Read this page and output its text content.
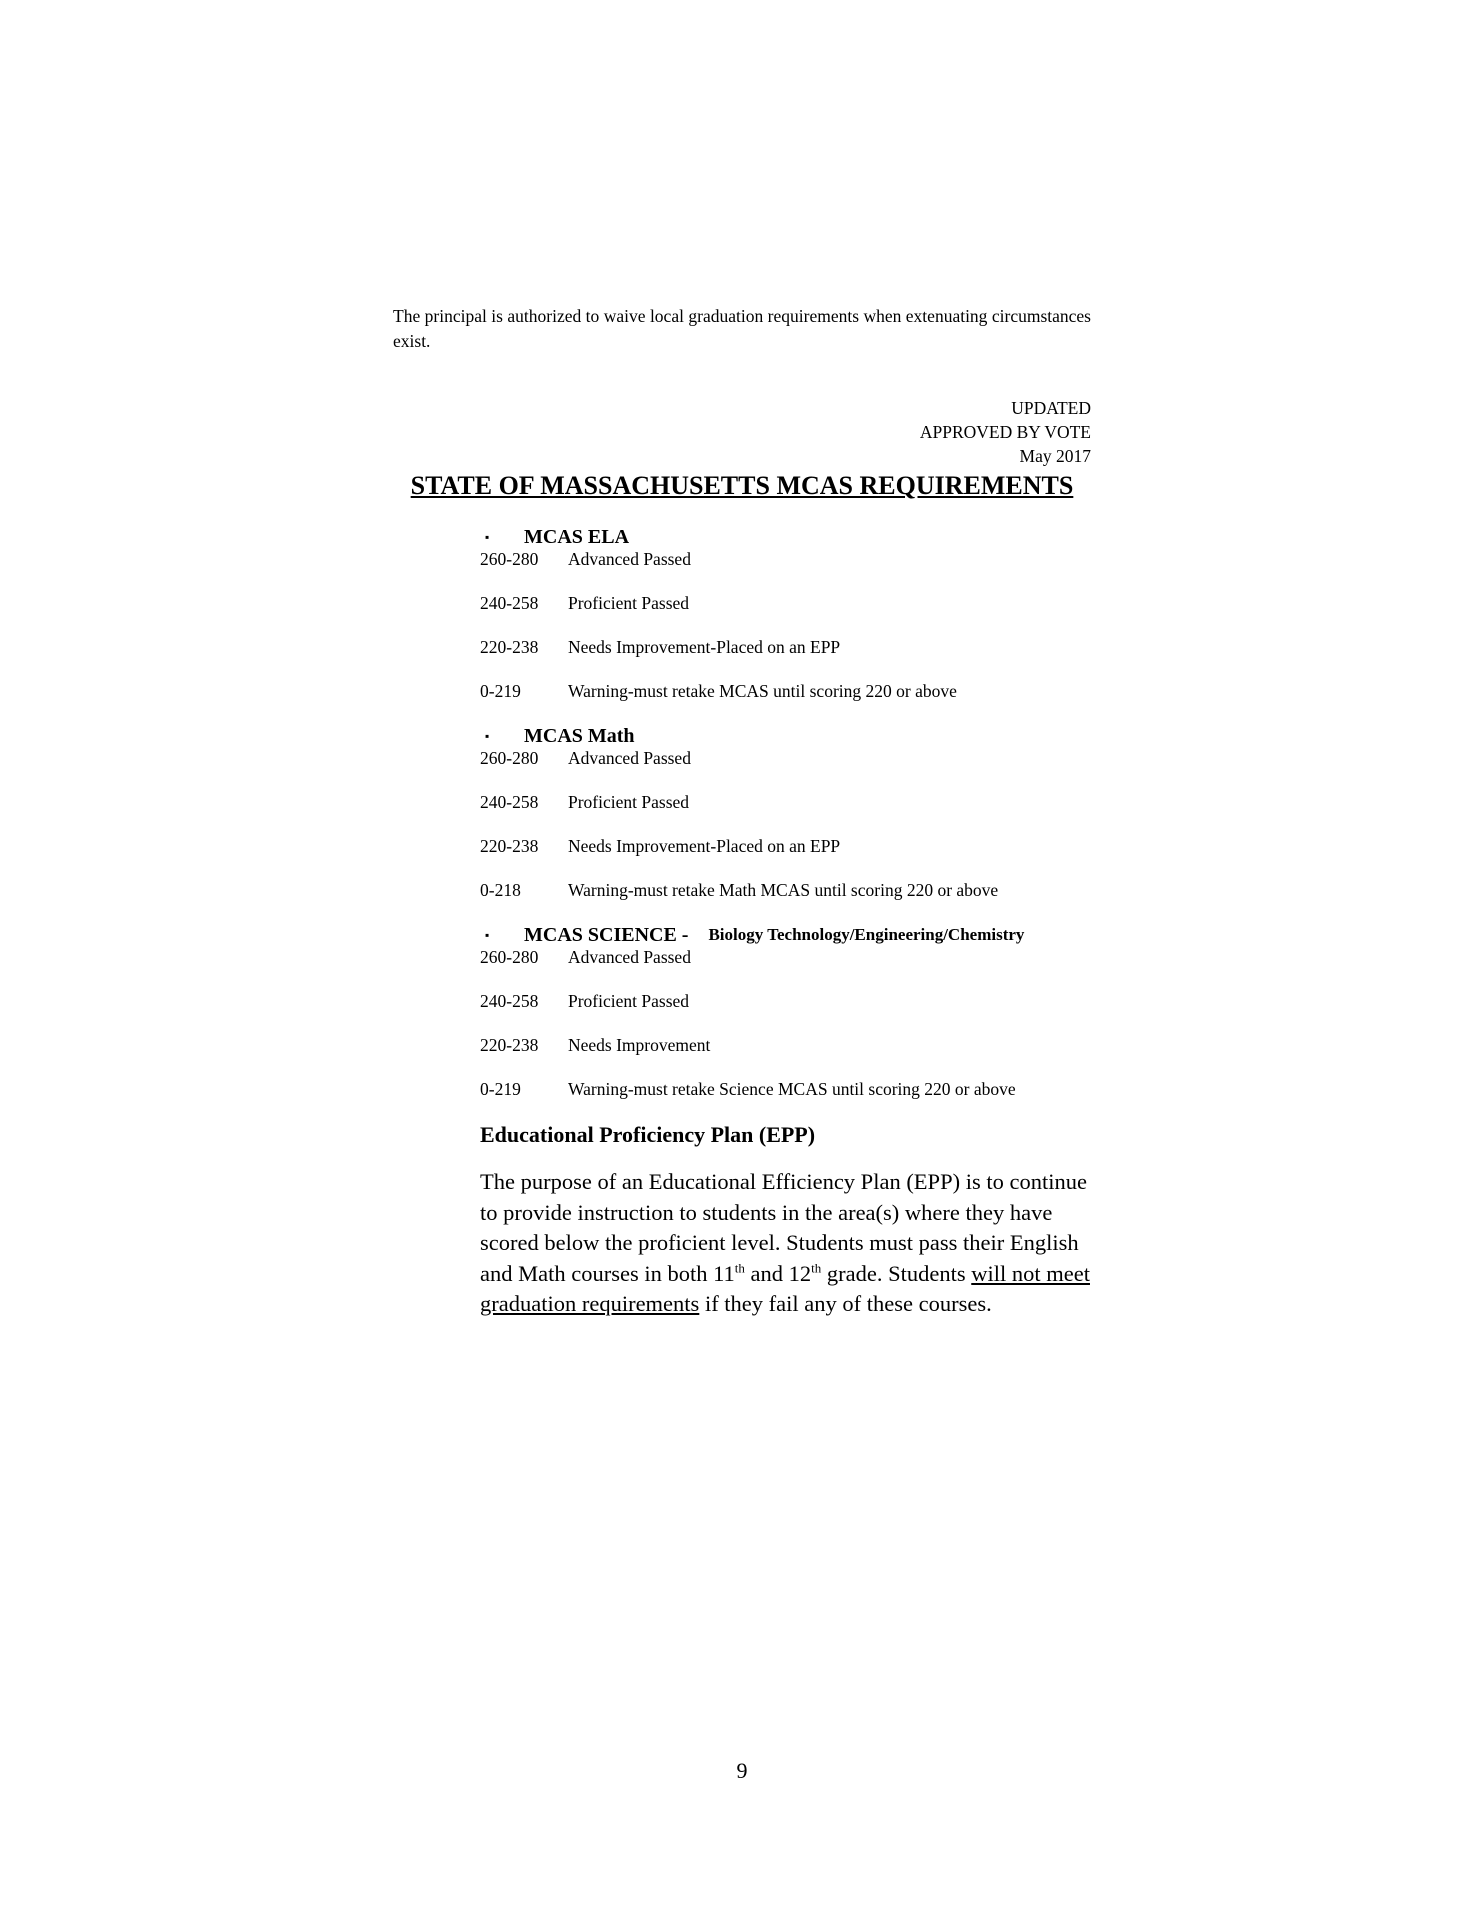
The principal is authorized to waive local graduation requirements when extenuating circumstances exist.

UPDATED
APPROVED BY VOTE
May 2017
STATE OF MASSACHUSETTS MCAS REQUIREMENTS
▪	MCAS ELA
260-280	Advanced Passed
240-258	Proficient Passed
220-238	Needs Improvement-Placed on an EPP
0-219	Warning-must retake MCAS until scoring 220 or above
▪	MCAS Math
260-280	Advanced Passed
240-258	Proficient Passed
220-238	Needs Improvement-Placed on an EPP
0-218	Warning-must retake Math MCAS until scoring 220 or above
▪	MCAS SCIENCE - Biology Technology/Engineering/Chemistry
260-280	Advanced Passed
240-258	Proficient Passed
220-238	Needs Improvement
0-219	Warning-must retake Science MCAS until scoring 220 or above
Educational Proficiency Plan (EPP)

The purpose of an Educational Efficiency Plan (EPP) is to continue to provide instruction to students in the area(s) where they have scored below the proficient level. Students must pass their English and Math courses in both 11th and 12th grade. Students will not meet graduation requirements if they fail any of these courses.

9
